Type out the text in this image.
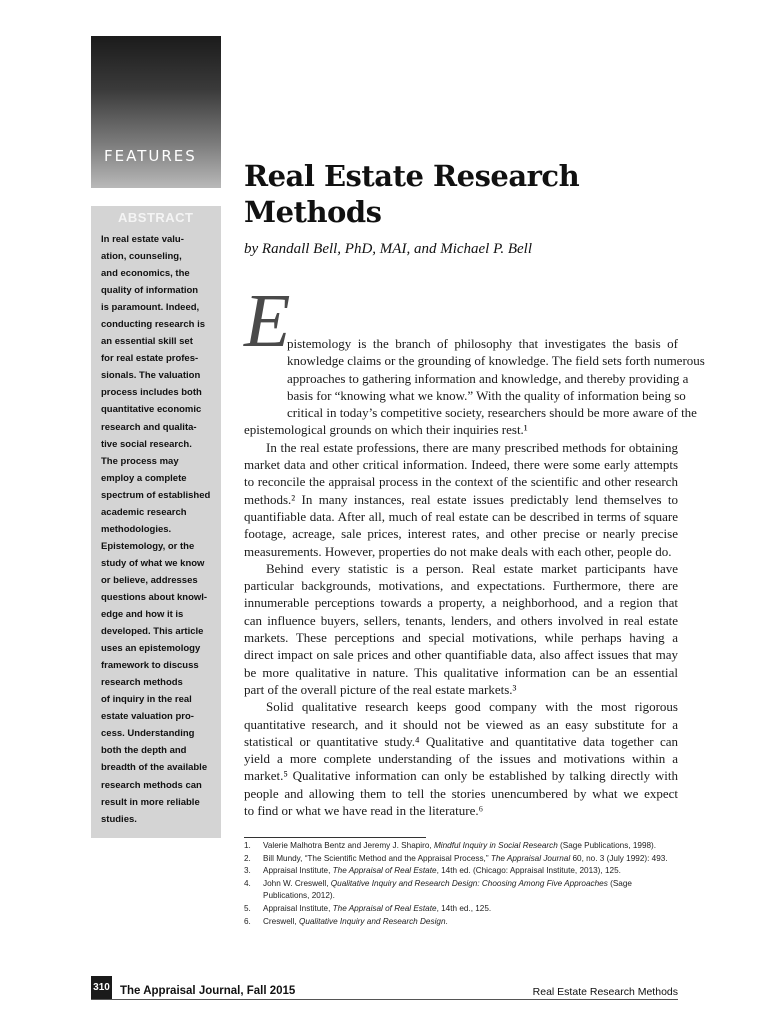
FEATURES
ABSTRACT
In real estate valu-
ation, counseling,
and economics, the
quality of information
is paramount. Indeed,
conducting research is
an essential skill set
for real estate profes-
sionals. The valuation
process includes both
quantitative economic
research and qualita-
tive social research.
The process may
employ a complete
spectrum of established
academic research
methodologies.
Epistemology, or the
study of what we know
or believe, addresses
questions about knowl-
edge and how it is
developed. This article
uses an epistemology
framework to discuss
research methods
of inquiry in the real
estate valuation pro-
cess. Understanding
both the depth and
breadth of the available
research methods can
result in more reliable
studies.
Real Estate Research
Methods
by Randall Bell, PhD, MAI, and Michael P. Bell
E
pistemology is the branch of philosophy that investigates the basis of
knowledge claims or the grounding of knowledge. The field sets forth numerous
approaches to gathering information and knowledge, and thereby providing a
basis for “knowing what we know.” With the quality of information being so
critical in today’s competitive society, researchers should be more aware of the
epistemological grounds on which their inquiries rest.¹
In the real estate professions, there are many prescribed methods for obtaining
market data and other critical information. Indeed, there were some early attempts
to reconcile the appraisal process in the context of the scientific and other research
methods.² In many instances, real estate issues predictably lend themselves to
quantifiable data. After all, much of real estate can be described in terms of square
footage, acreage, sale prices, interest rates, and other precise or nearly precise
measurements. However, properties do not make deals with each other, people do.
Behind every statistic is a person. Real estate market participants have
particular backgrounds, motivations, and expectations. Furthermore, there are
innumerable perceptions towards a property, a neighborhood, and a region that
can influence buyers, sellers, tenants, lenders, and others involved in real estate
markets. These perceptions and special motivations, while perhaps having a
direct impact on sale prices and other quantifiable data, also affect issues that may
be more qualitative in nature. This qualitative information can be an essential
part of the overall picture of the real estate markets.³
Solid qualitative research keeps good company with the most rigorous
quantitative research, and it should not be viewed as an easy substitute for a
statistical or quantitative study.⁴ Qualitative and quantitative data together can
yield a more complete understanding of the issues and motivations within a
market.⁵ Qualitative information can only be established by talking directly with
people and allowing them to tell the stories unencumbered by what we expect
to find or what we have read in the literature.⁶
1. Valerie Malhotra Bentz and Jeremy J. Shapiro, Mindful Inquiry in Social Research (Sage Publications, 1998).
2. Bill Mundy, “The Scientific Method and the Appraisal Process,” The Appraisal Journal 60, no. 3 (July 1992): 493.
3. Appraisal Institute, The Appraisal of Real Estate, 14th ed. (Chicago: Appraisal Institute, 2013), 125.
4. John W. Creswell, Qualitative Inquiry and Research Design: Choosing Among Five Approaches (Sage Publications, 2012).
5. Appraisal Institute, The Appraisal of Real Estate, 14th ed., 125.
6. Creswell, Qualitative Inquiry and Research Design.
310 The Appraisal Journal, Fall 2015	Real Estate Research Methods
